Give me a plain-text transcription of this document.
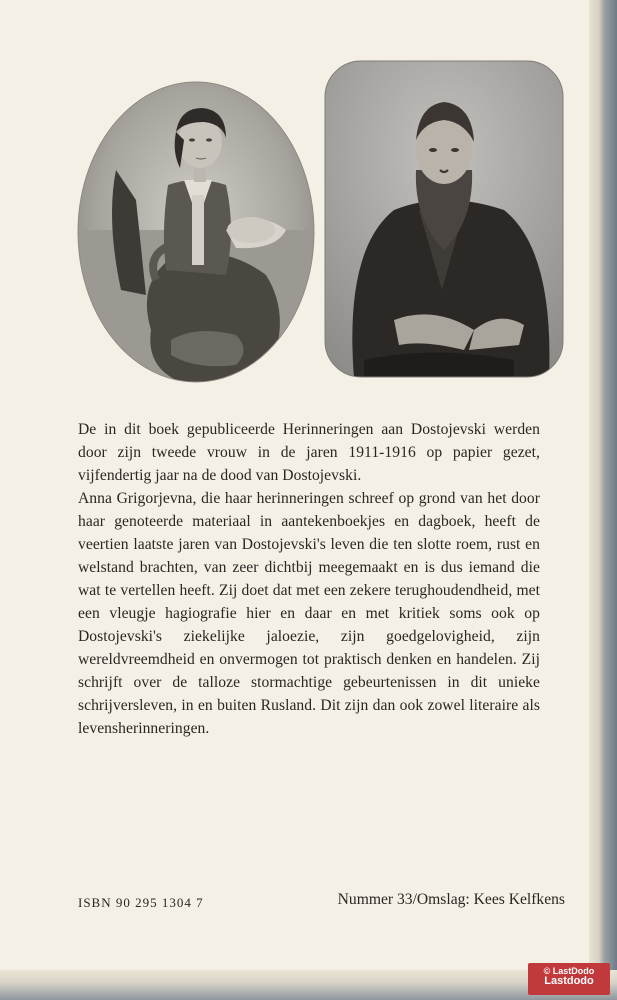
De in dit boek gepubliceerde Herinneringen aan Dostojevski werden door zijn tweede vrouw in de jaren 1911-1916 op papier gezet, vijfendertig jaar na de dood van Dostojevski.

Anna Grigorjevna, die haar herinneringen schreef op grond van het door haar genoteerde materiaal in aantekenboekjes en dagboek, heeft de veertien laatste jaren van Dostojevski's leven die ten slotte roem, rust en welstand brachten, van zeer dichtbij meegemaakt en is dus iemand die wat te vertellen heeft. Zij doet dat met een zekere terughoudendheid, met een vleugje hagiografie hier en daar en met kritiek soms ook op Dostojevski's ziekelijke jaloezie, zijn goedgelovigheid, zijn wereldvreemdheid en onvermogen tot praktisch denken en handelen. Zij schrijft over de talloze stormachtige gebeurtenissen in dit unieke schrijversleven, in en buiten Rusland. Dit zijn dan ook zowel literaire als levensherinneringen.

ISBN 90 295 1304 7	Nummer 33/Omslag: Kees Kelfkens
© LastDodo
Lastdodo
